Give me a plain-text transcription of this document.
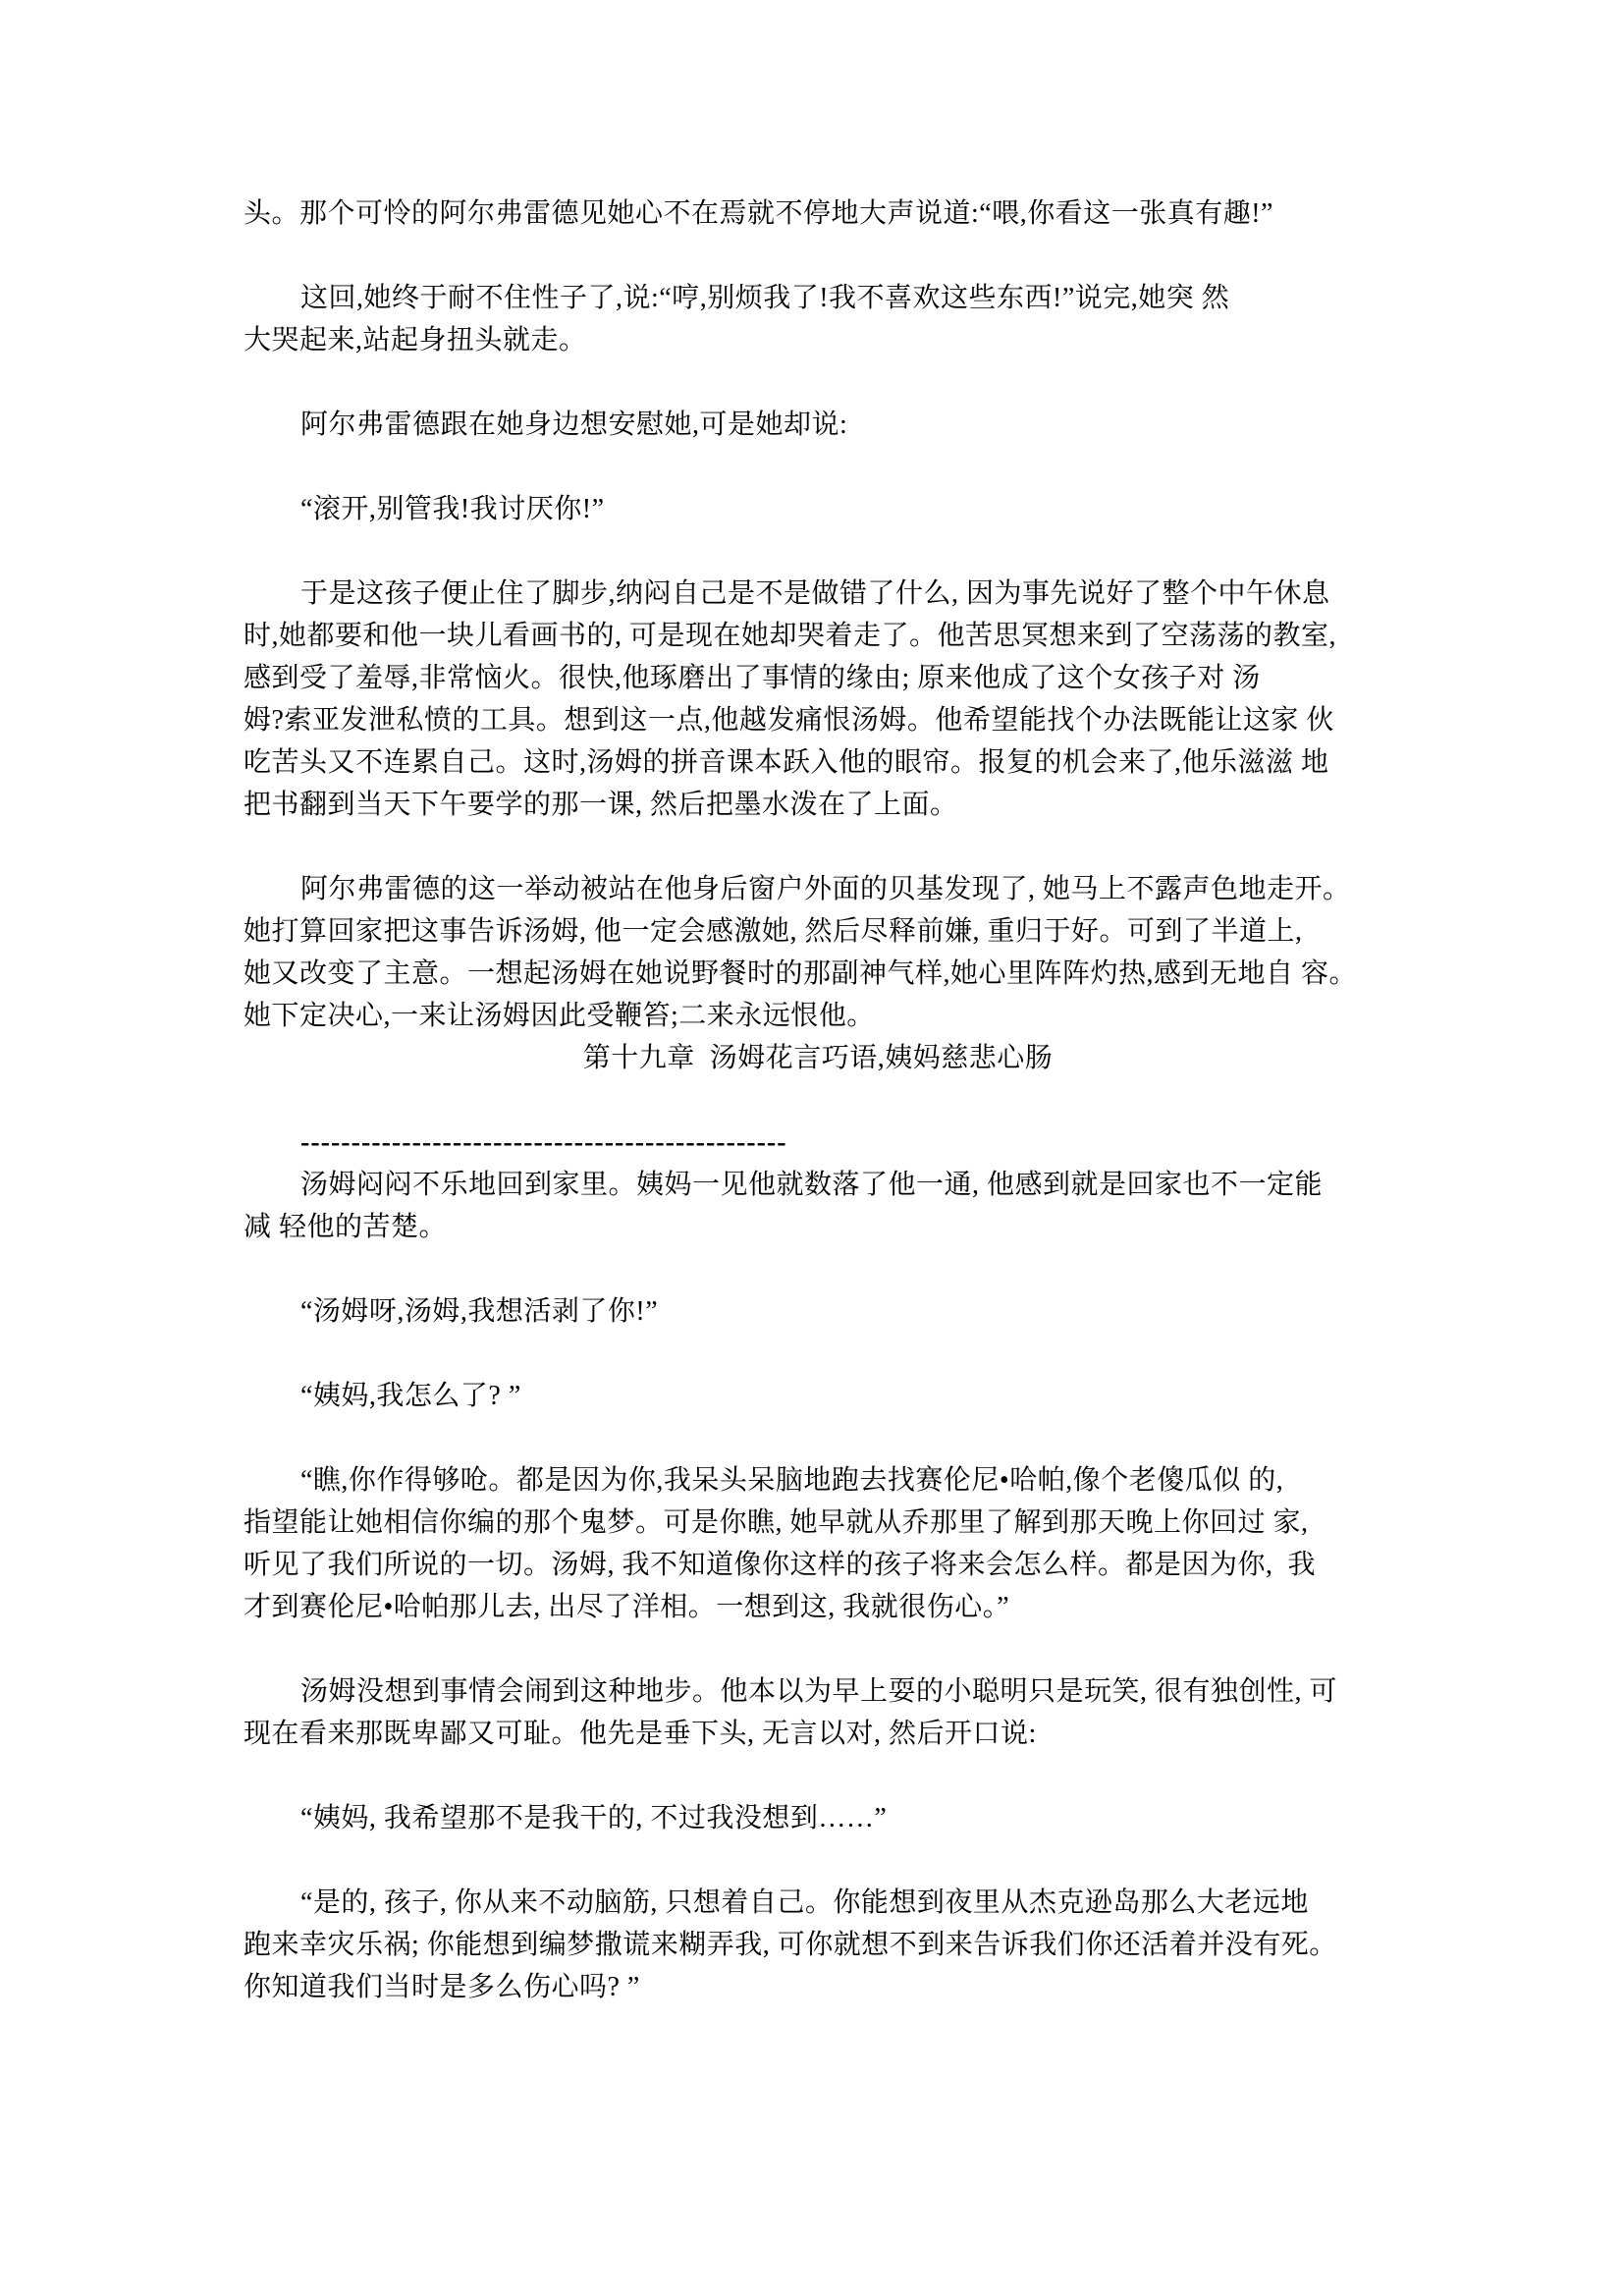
头。那个可怜的阿尔弗雷德见她心不在焉就不停地大声说道:“喂,你看这一张真有趣!”
这回,她终于耐不住性子了,说:“哼,别烦我了!我不喜欢这些东西!”说完,她突 然
大哭起来,站起身扭头就走。
阿尔弗雷德跟在她身边想安慰她,可是她却说:
“滚开,别管我!我讨厌你!”
于是这孩子便止住了脚步,纳闷自己是不是做错了什么, 因为事先说好了整个中午休息
时,她都要和他一块儿看画书的, 可是现在她却哭着走了。他苦思冥想来到了空荡荡的教室,
感到受了羞辱,非常恼火。很快,他琢磨出了事情的缘由; 原来他成了这个女孩子对 汤
姆?索亚发泄私愤的工具。想到这一点,他越发痛恨汤姆。他希望能找个办法既能让这家 伙
吃苦头又不连累自己。这时,汤姆的拼音课本跃入他的眼帘。报复的机会来了,他乐滋滋 地
把书翻到当天下午要学的那一课, 然后把墨水泼在了上面。
阿尔弗雷德的这一举动被站在他身后窗户外面的贝基发现了, 她马上不露声色地走开。
她打算回家把这事告诉汤姆, 他一定会感激她, 然后尽释前嫌, 重归于好。可到了半道上,
她又改变了主意。一想起汤姆在她说野餐时的那副神气样,她心里阵阵灼热,感到无地自 容。
她下定决心,一来让汤姆因此受鞭笞;二来永远恨他。
第十九章  汤姆花言巧语,姨妈慈悲心肠
------------------------------------------------
汤姆闷闷不乐地回到家里。姨妈一见他就数落了他一通, 他感到就是回家也不一定能
减 轻他的苦楚。
“汤姆呀,汤姆,我想活剥了你!”
“姨妈,我怎么了? ”
“瞧,你作得够呛。都是因为你,我呆头呆脑地跑去找赛伦尼•哈帕,像个老傻瓜似 的,
指望能让她相信你编的那个鬼梦。可是你瞧, 她早就从乔那里了解到那天晚上你回过 家,
听见了我们所说的一切。汤姆, 我不知道像你这样的孩子将来会怎么样。都是因为你,  我
才到赛伦尼•哈帕那儿去, 出尽了洋相。一想到这, 我就很伤心。”
汤姆没想到事情会闹到这种地步。他本以为早上耍的小聪明只是玩笑, 很有独创性, 可
现在看来那既卑鄙又可耻。他先是垂下头, 无言以对, 然后开口说:
“姨妈, 我希望那不是我干的, 不过我没想到……”
“是的, 孩子, 你从来不动脑筋, 只想着自己。你能想到夜里从杰克逊岛那么大老远地
跑来幸灾乐祸; 你能想到编梦撒谎来糊弄我, 可你就想不到来告诉我们你还活着并没有死。
你知道我们当时是多么伤心吗? ”
